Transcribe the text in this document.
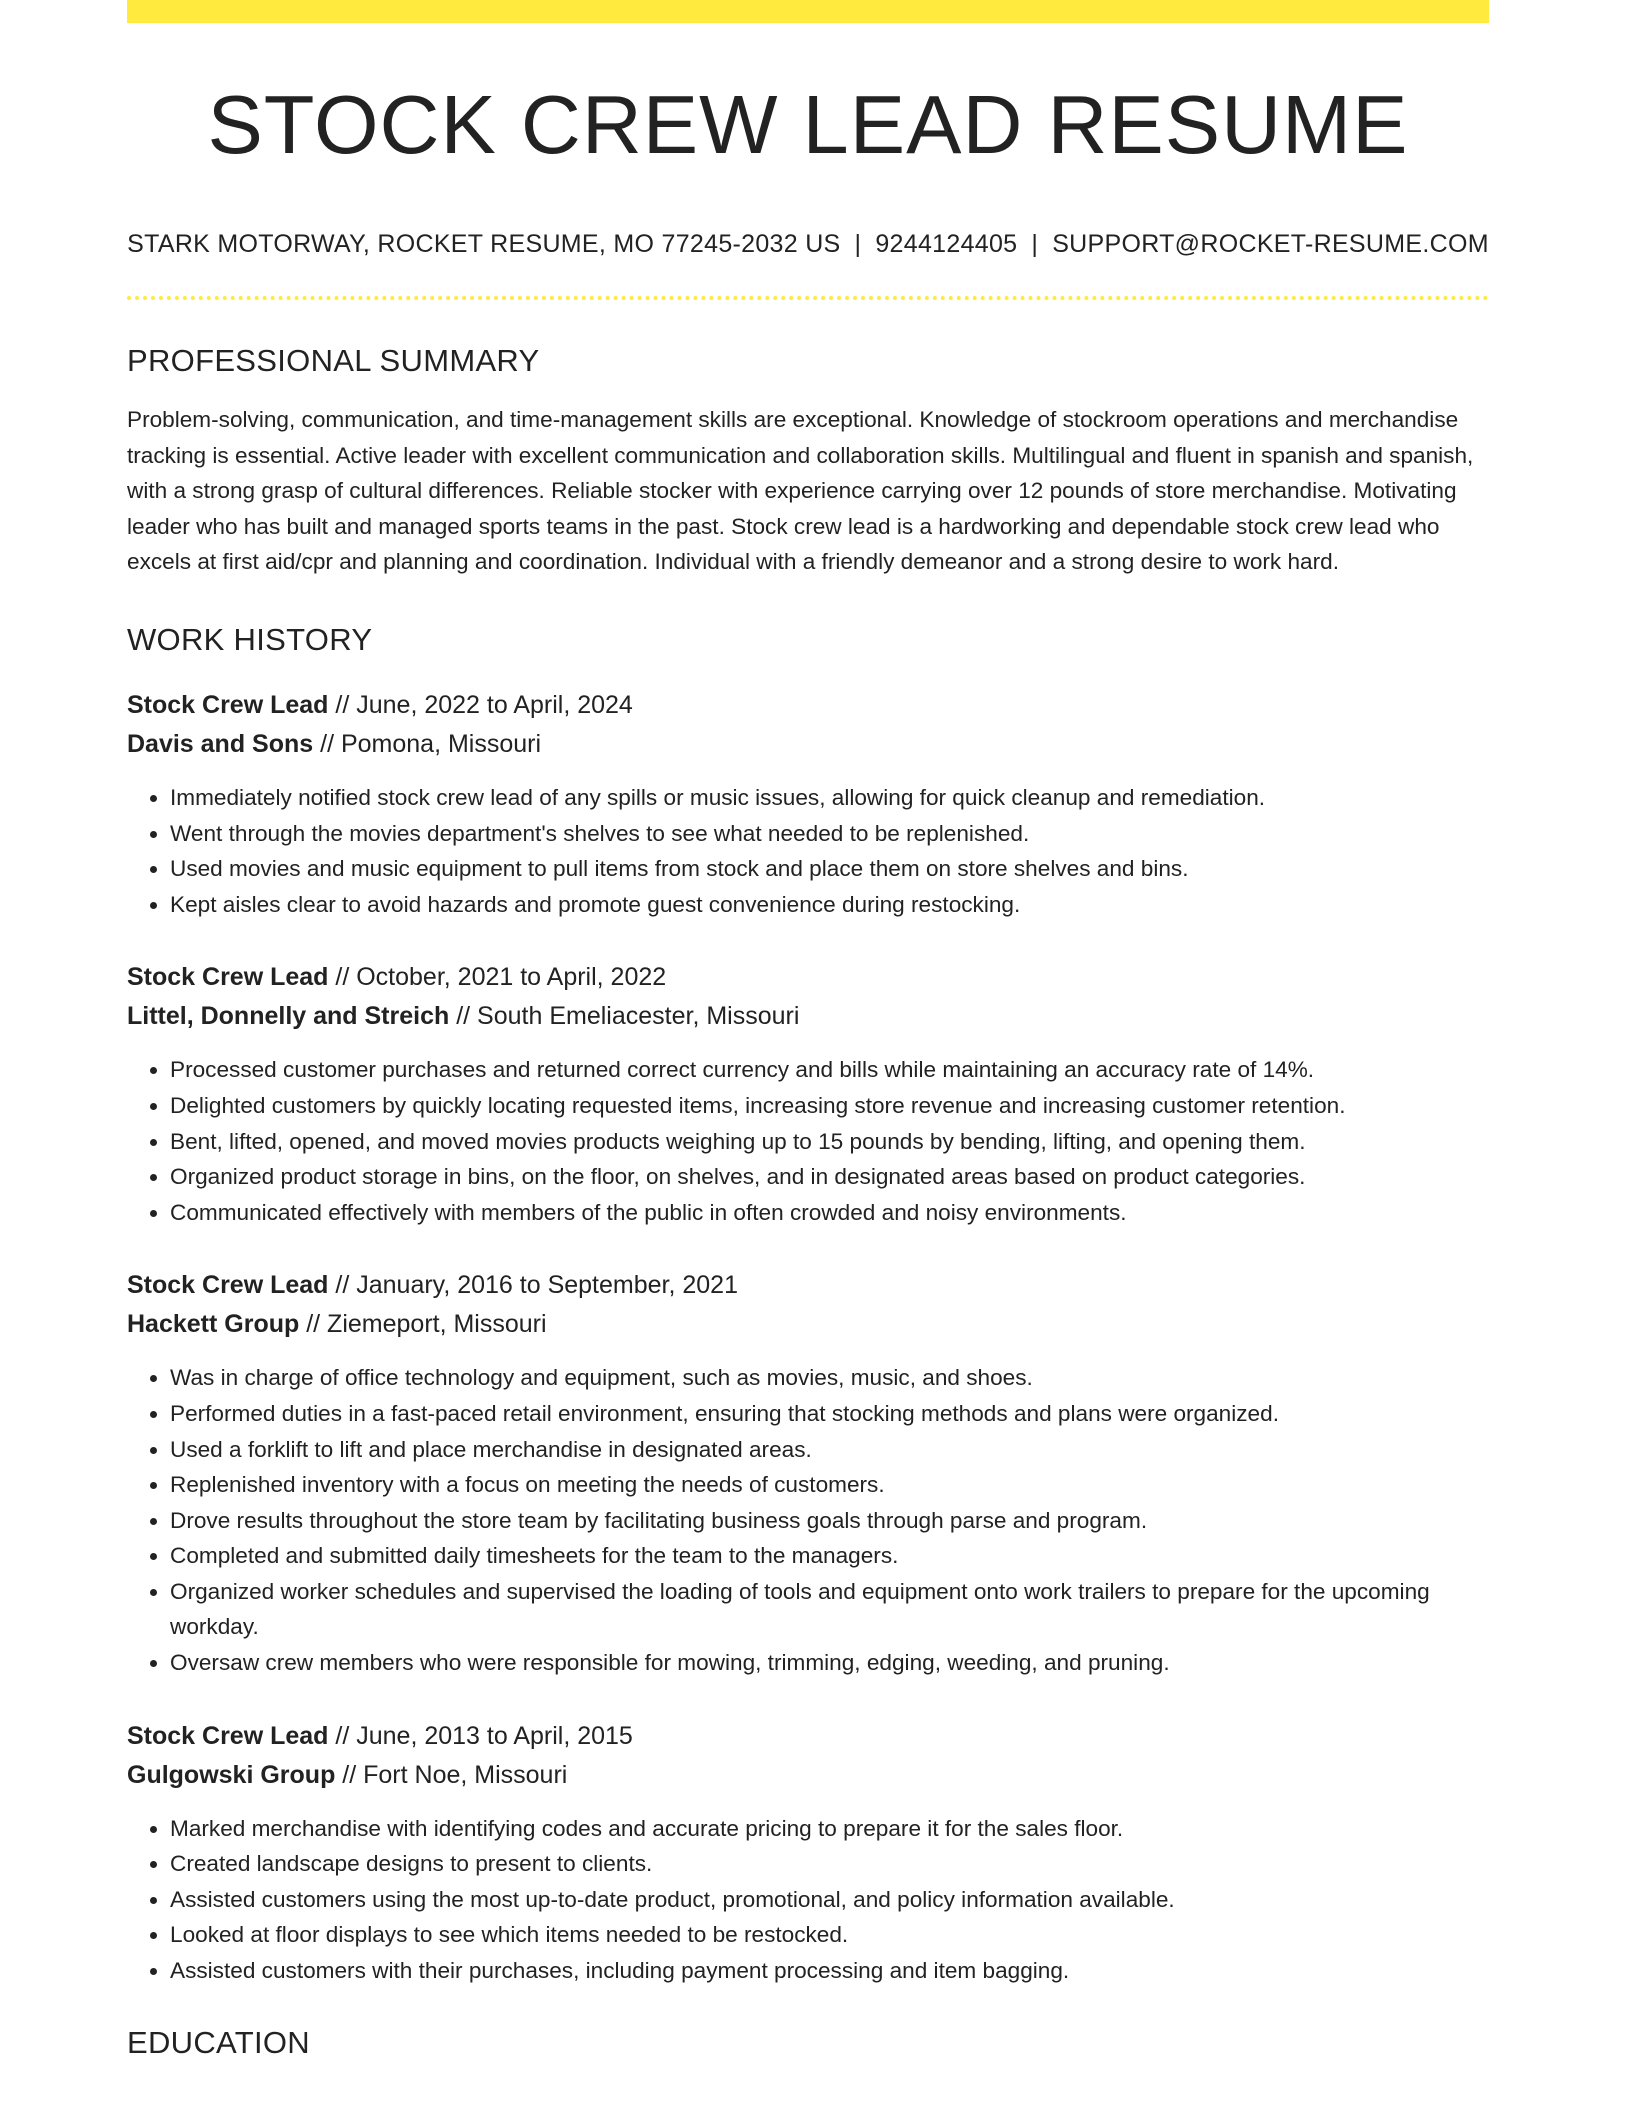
STOCK CREW LEAD RESUME
STARK MOTORWAY, ROCKET RESUME, MO 77245-2032 US | 9244124405 | SUPPORT@ROCKET-RESUME.COM
PROFESSIONAL SUMMARY

Problem-solving, communication, and time-management skills are exceptional. Knowledge of stockroom operations and merchandise tracking is essential. Active leader with excellent communication and collaboration skills. Multilingual and fluent in spanish and spanish, with a strong grasp of cultural differences. Reliable stocker with experience carrying over 12 pounds of store merchandise. Motivating leader who has built and managed sports teams in the past. Stock crew lead is a hardworking and dependable stock crew lead who excels at first aid/cpr and planning and coordination. Individual with a friendly demeanor and a strong desire to work hard.

WORK HISTORY
Stock Crew Lead // June, 2022 to April, 2024
Davis and Sons // Pomona, Missouri
• Immediately notified stock crew lead of any spills or music issues, allowing for quick cleanup and remediation.
• Went through the movies department's shelves to see what needed to be replenished.
• Used movies and music equipment to pull items from stock and place them on store shelves and bins.
• Kept aisles clear to avoid hazards and promote guest convenience during restocking.
Stock Crew Lead // October, 2021 to April, 2022
Littel, Donnelly and Streich // South Emeliacester, Missouri
• Processed customer purchases and returned correct currency and bills while maintaining an accuracy rate of 14%.
• Delighted customers by quickly locating requested items, increasing store revenue and increasing customer retention.
• Bent, lifted, opened, and moved movies products weighing up to 15 pounds by bending, lifting, and opening them.
• Organized product storage in bins, on the floor, on shelves, and in designated areas based on product categories.
• Communicated effectively with members of the public in often crowded and noisy environments.
Stock Crew Lead // January, 2016 to September, 2021
Hackett Group // Ziemeport, Missouri
• Was in charge of office technology and equipment, such as movies, music, and shoes.
• Performed duties in a fast-paced retail environment, ensuring that stocking methods and plans were organized.
• Used a forklift to lift and place merchandise in designated areas.
• Replenished inventory with a focus on meeting the needs of customers.
• Drove results throughout the store team by facilitating business goals through parse and program.
• Completed and submitted daily timesheets for the team to the managers.
• Organized worker schedules and supervised the loading of tools and equipment onto work trailers to prepare for the upcoming workday.
• Oversaw crew members who were responsible for mowing, trimming, edging, weeding, and pruning.
Stock Crew Lead // June, 2013 to April, 2015
Gulgowski Group // Fort Noe, Missouri
• Marked merchandise with identifying codes and accurate pricing to prepare it for the sales floor.
• Created landscape designs to present to clients.
• Assisted customers using the most up-to-date product, promotional, and policy information available.
• Looked at floor displays to see which items needed to be restocked.
• Assisted customers with their purchases, including payment processing and item bagging.
EDUCATION
